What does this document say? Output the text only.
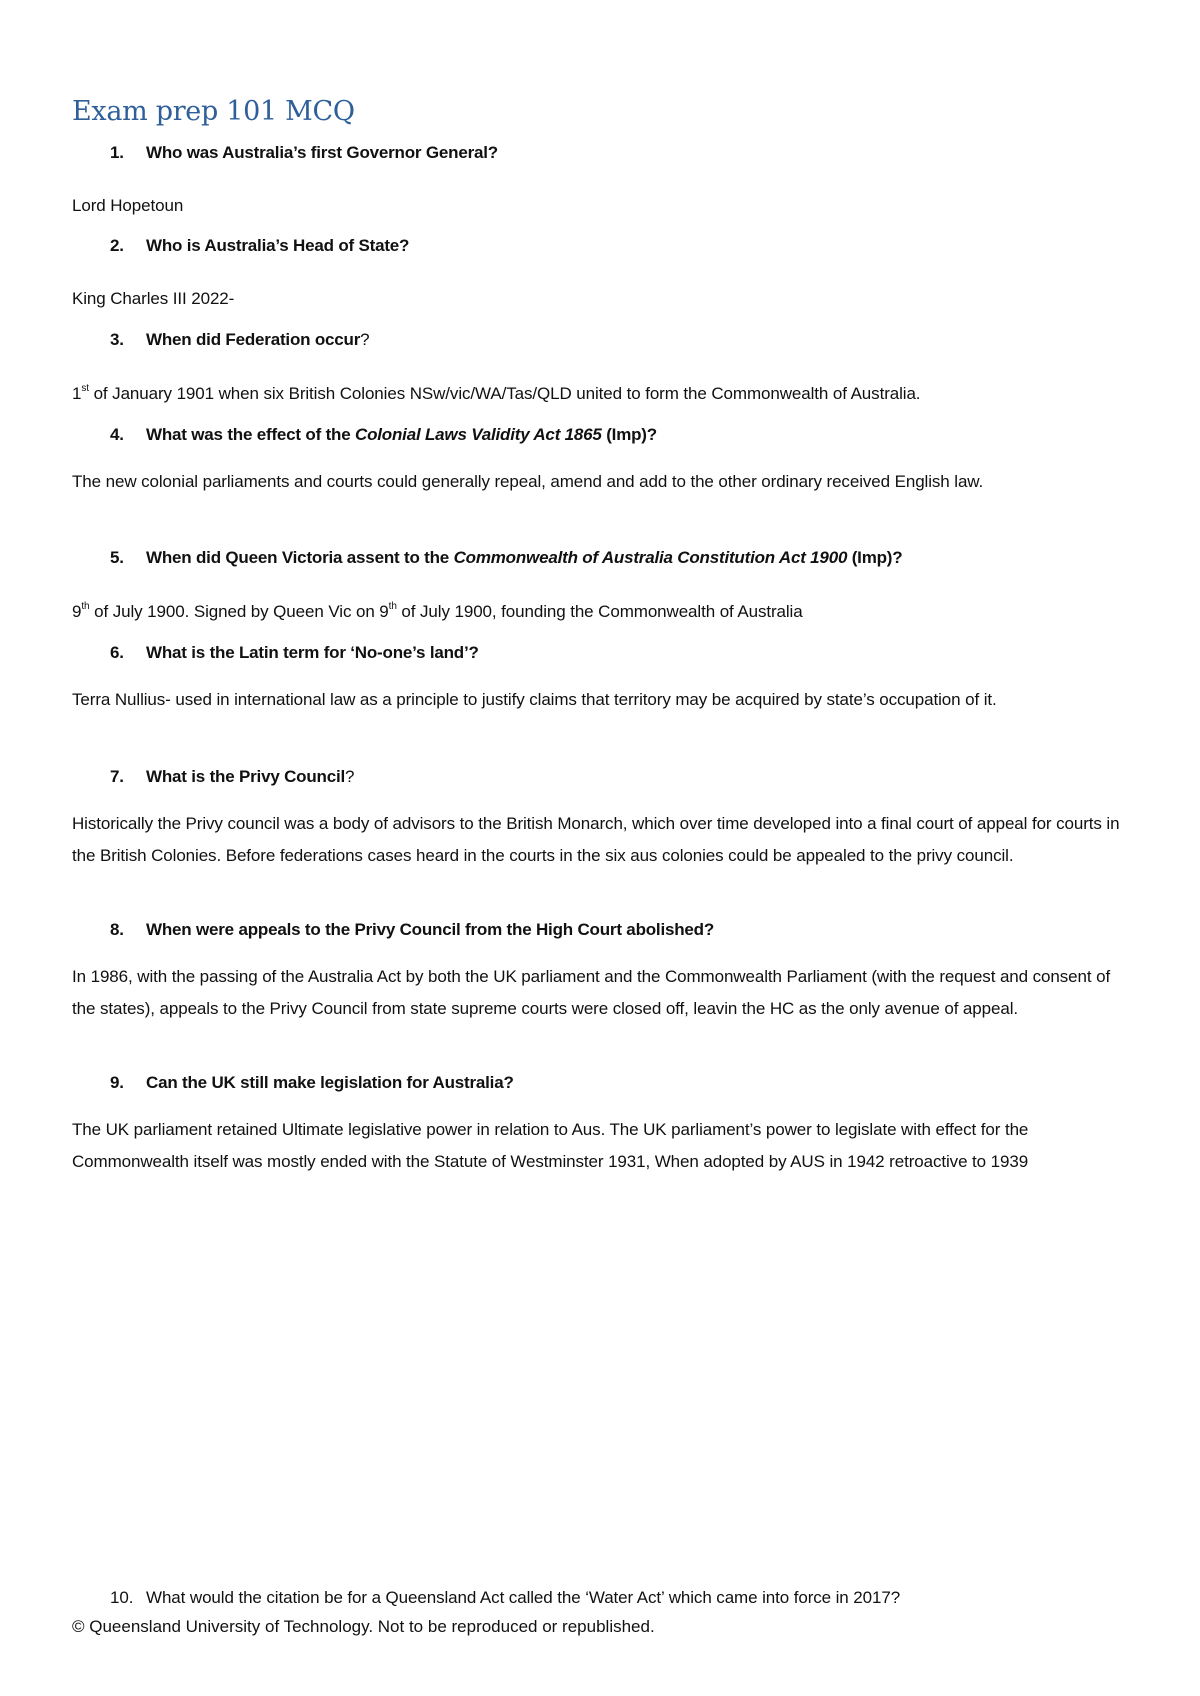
Exam prep 101 MCQ
1. Who was Australia’s first Governor General?
Lord Hopetoun
2. Who is Australia’s Head of State?
King Charles III 2022-
3. When did Federation occur?
1st of January 1901 when six British Colonies NSw/vic/WA/Tas/QLD united to form the Commonwealth of Australia.
4. What was the effect of the Colonial Laws Validity Act 1865 (Imp)?
The new colonial parliaments and courts could generally repeal, amend and add to the other ordinary received English law.
5. When did Queen Victoria assent to the Commonwealth of Australia Constitution Act 1900 (Imp)?
9th of July 1900. Signed by Queen Vic on 9th of July 1900, founding the Commonwealth of Australia
6. What is the Latin term for ‘No-one’s land’?
Terra Nullius- used in international law as a principle to justify claims that territory may be acquired by state’s occupation of it.
7. What is the Privy Council?
Historically the Privy council was a body of advisors to the British Monarch, which over time developed into a final court of appeal for courts in the British Colonies. Before federations cases heard in the courts in the six aus colonies could be appealed to the privy council.
8. When were appeals to the Privy Council from the High Court abolished?
In 1986, with the passing of the Australia Act by both the UK parliament and the Commonwealth Parliament (with the request and consent of the states), appeals to the Privy Council from state supreme courts were closed off, leavin the HC as the only avenue of appeal.
9. Can the UK still make legislation for Australia?
The UK parliament retained Ultimate legislative power in relation to Aus. The UK parliament’s power to legislate with effect for the Commonwealth itself was mostly ended with the Statute of Westminster 1931, When adopted by AUS in 1942 retroactive to 1939
10. What would the citation be for a Queensland Act called the ‘Water Act’ which came into force in 2017?
© Queensland University of Technology. Not to be reproduced or republished.
